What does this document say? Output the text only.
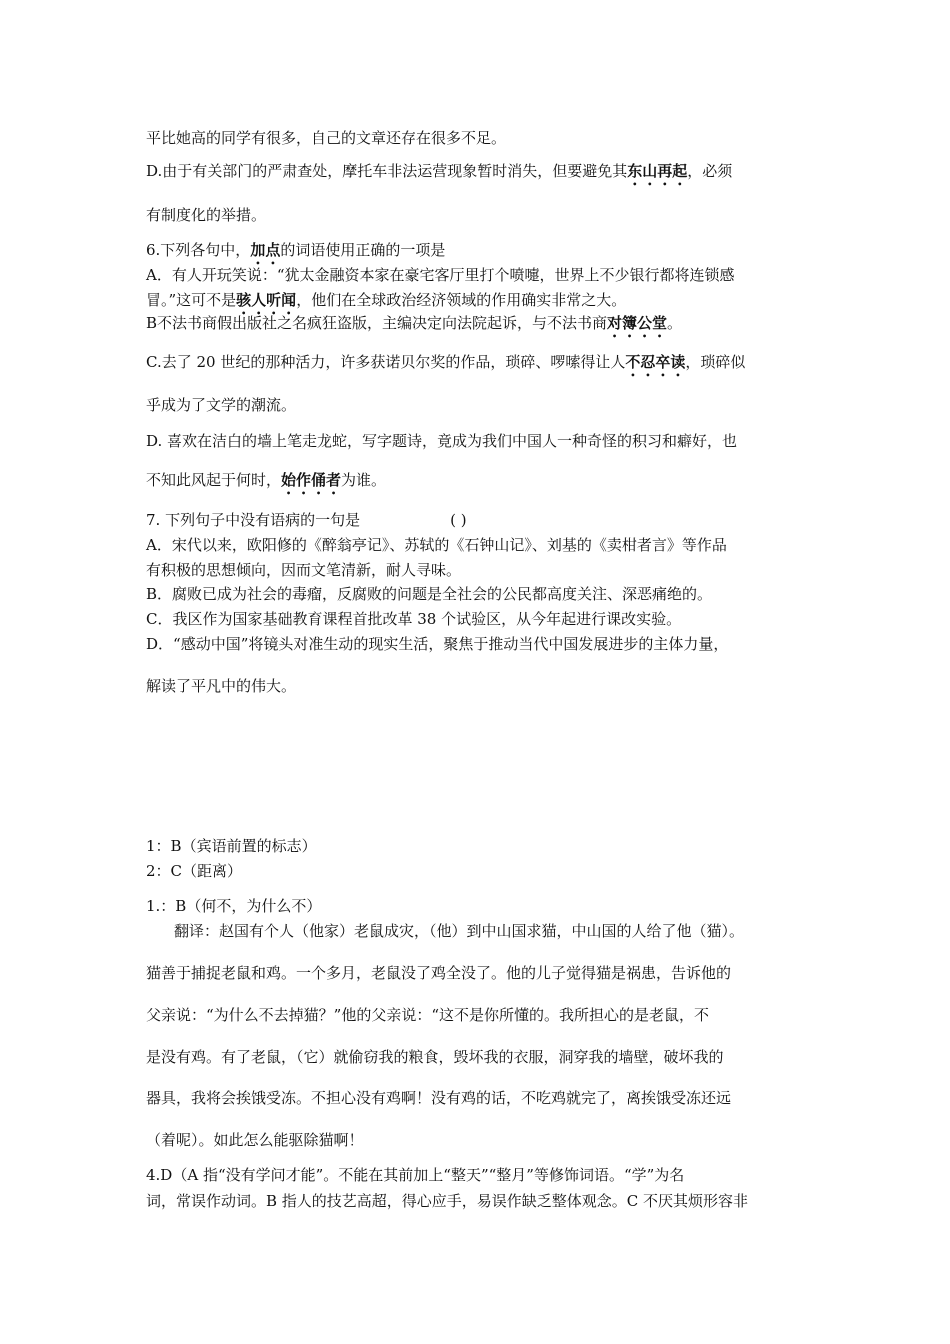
平比她高的同学有很多，自己的文章还存在很多不足。
D.由于有关部门的严肃查处，摩托车非法运营现象暂时消失，但要避免其东山再起，必须
有制度化的举措。
6.下列各句中，加点的词语使用正确的一项是
A．有人开玩笑说：“犹太金融资本家在豪宅客厅里打个喷嚏，世界上不少银行都将连锁感
冒。”这可不是骇人听闻，他们在全球政治经济领域的作用确实非常之大。
B不法书商假出版社之名疯狂盗版，主编决定向法院起诉，与不法书商对簿公堂。
C.去了 20 世纪的那种活力，许多获诺贝尔奖的作品，琐碎、啰嗦得让人不忍卒读，琐碎似
乎成为了文学的潮流。
D. 喜欢在洁白的墙上笔走龙蛇，写字题诗，竟成为我们中国人一种奇怪的积习和癖好，也
不知此风起于何时，始作俑者为谁。
7. 下列句子中没有语病的一句是	( )
A．宋代以来，欧阳修的《醉翁亭记》、苏轼的《石钟山记》、刘基的《卖柑者言》等作品
有积极的思想倾向，因而文笔清新，耐人寻味。
B．腐败已成为社会的毒瘤，反腐败的问题是全社会的公民都高度关注、深恶痛绝的。
C．我区作为国家基础教育课程首批改革 38 个试验区，从今年起进行课改实验。
D．“感动中国”将镜头对准生动的现实生活，聚焦于推动当代中国发展进步的主体力量，
解读了平凡中的伟大。
1：B（宾语前置的标志）
2：C（距离）
1.：B（何不，为什么不）
翻译：赵国有个人（他家）老鼠成灾，（他）到中山国求猫，中山国的人给了他（猫）。
猫善于捕捉老鼠和鸡。一个多月，老鼠没了鸡全没了。他的儿子觉得猫是祸患，告诉他的
父亲说：“为什么不去掉猫？”他的父亲说：“这不是你所懂的。我所担心的是老鼠，不
是没有鸡。有了老鼠，（它）就偷窃我的粮食，毁坏我的衣服，洞穿我的墙壁，破坏我的
器具，我将会挨饿受冻。不担心没有鸡啊！没有鸡的话，不吃鸡就完了，离挨饿受冻还远
（着呢）。如此怎么能驱除猫啊！
4.D（A 指“没有学问才能”。不能在其前加上“整天”“整月”等修饰词语。“学”为名
词，常误作动词。B 指人的技艺高超，得心应手，易误作缺乏整体观念。C 不厌其烦形容非
